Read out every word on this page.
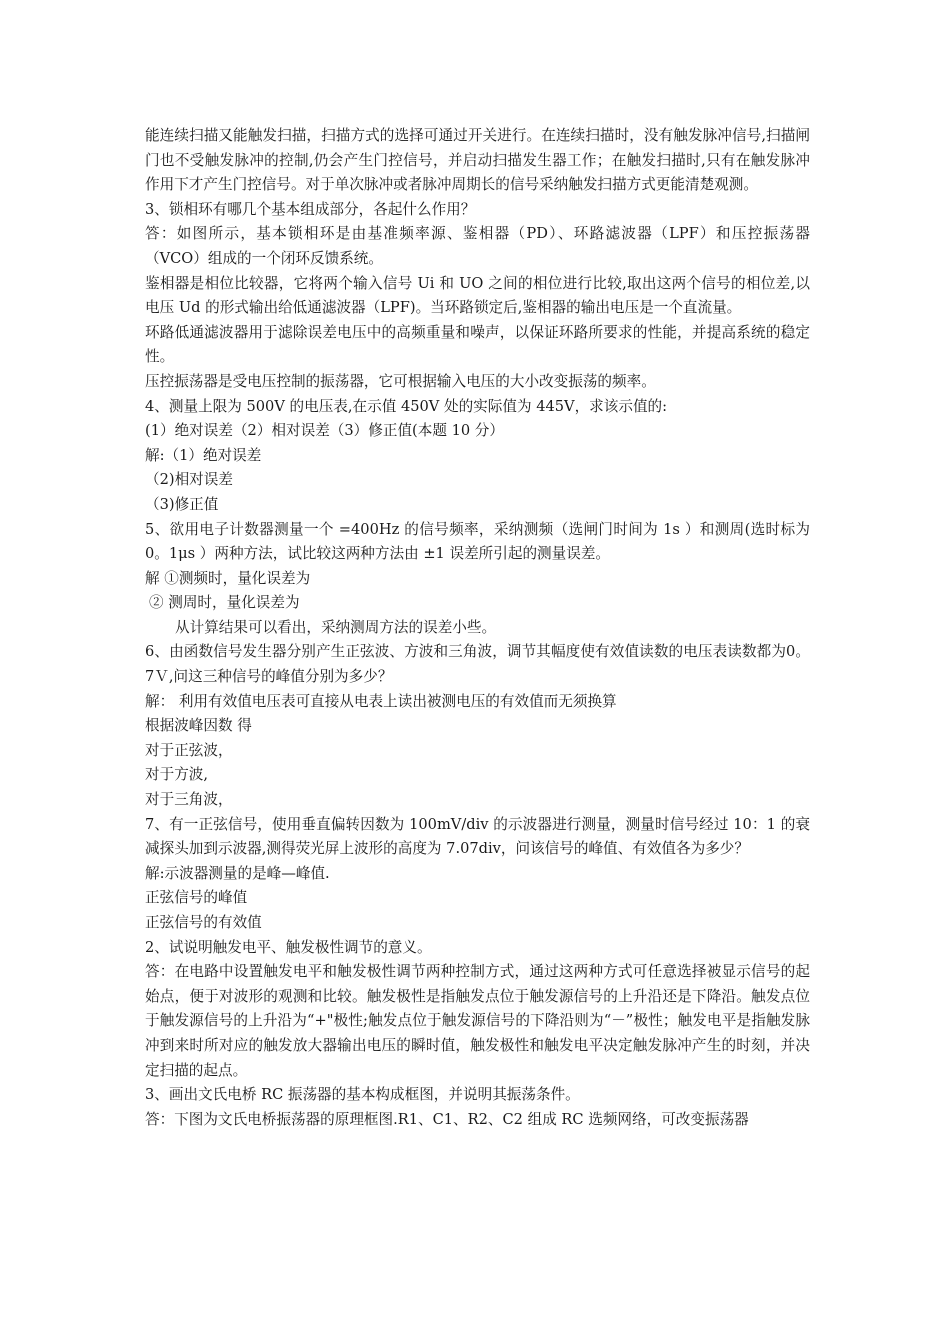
能连续扫描又能触发扫描，扫描方式的选择可通过开关进行。在连续扫描时，没有触发脉冲信号,扫描闸门也不受触发脉冲的控制,仍会产生门控信号，并启动扫描发生器工作；在触发扫描时,只有在触发脉冲作用下才产生门控信号。对于单次脉冲或者脉冲周期长的信号采纳触发扫描方式更能清楚观测。

3、锁相环有哪几个基本组成部分，各起什么作用？

答：如图所示，基本锁相环是由基准频率源、鉴相器（PD）、环路滤波器（LPF）和压控振荡器（VCO）组成的一个闭环反馈系统。

鉴相器是相位比较器，它将两个输入信号 Ui 和 UO 之间的相位进行比较,取出这两个信号的相位差,以电压 Ud 的形式输出给低通滤波器（LPF)。当环路锁定后,鉴相器的输出电压是一个直流量。

环路低通滤波器用于滤除误差电压中的高频重量和噪声，以保证环路所要求的性能，并提高系统的稳定性。

压控振荡器是受电压控制的振荡器，它可根据输入电压的大小改变振荡的频率。

4、测量上限为 500V 的电压表,在示值 450V 处的实际值为 445V，求该示值的:

(1）绝对误差（2）相对误差（3）修正值(本题 10 分）

解:（1）绝对误差

（2)相对误差

（3)修正值

5、欲用电子计数器测量一个 =400Hz 的信号频率，采纳测频（选闸门时间为 1s ）和测周(选时标为 0。1μs ）两种方法，试比较这两种方法由 ±1 误差所引起的测量误差。

解 ①测频时，量化误差为

② 测周时，量化误差为

从计算结果可以看出，采纳测周方法的误差小些。

6、由函数信号发生器分别产生正弦波、方波和三角波，调节其幅度使有效值读数的电压表读数都为0。7Ｖ,问这三种信号的峰值分别为多少？

解： 利用有效值电压表可直接从电表上读出被测电压的有效值而无须换算

根据波峰因数 得

对于正弦波，

对于方波,

对于三角波，

7、有一正弦信号，使用垂直偏转因数为 100mV/div 的示波器进行测量，测量时信号经过 10：1 的衰减探头加到示波器,测得荧光屏上波形的高度为 7.07div，问该信号的峰值、有效值各为多少？

解:示波器测量的是峰—峰值.

正弦信号的峰值

正弦信号的有效值

2、试说明触发电平、触发极性调节的意义。

答：在电路中设置触发电平和触发极性调节两种控制方式，通过这两种方式可任意选择被显示信号的起始点，便于对波形的观测和比较。触发极性是指触发点位于触发源信号的上升沿还是下降沿。触发点位于触发源信号的上升沿为“+"极性;触发点位于触发源信号的下降沿则为“－”极性；触发电平是指触发脉冲到来时所对应的触发放大器输出电压的瞬时值，触发极性和触发电平决定触发脉冲产生的时刻，并决定扫描的起点。

3、画出文氏电桥 RC 振荡器的基本构成框图，并说明其振荡条件。

答：下图为文氏电桥振荡器的原理框图.R1、C1、R2、C2 组成 RC 选频网络，可改变振荡器
